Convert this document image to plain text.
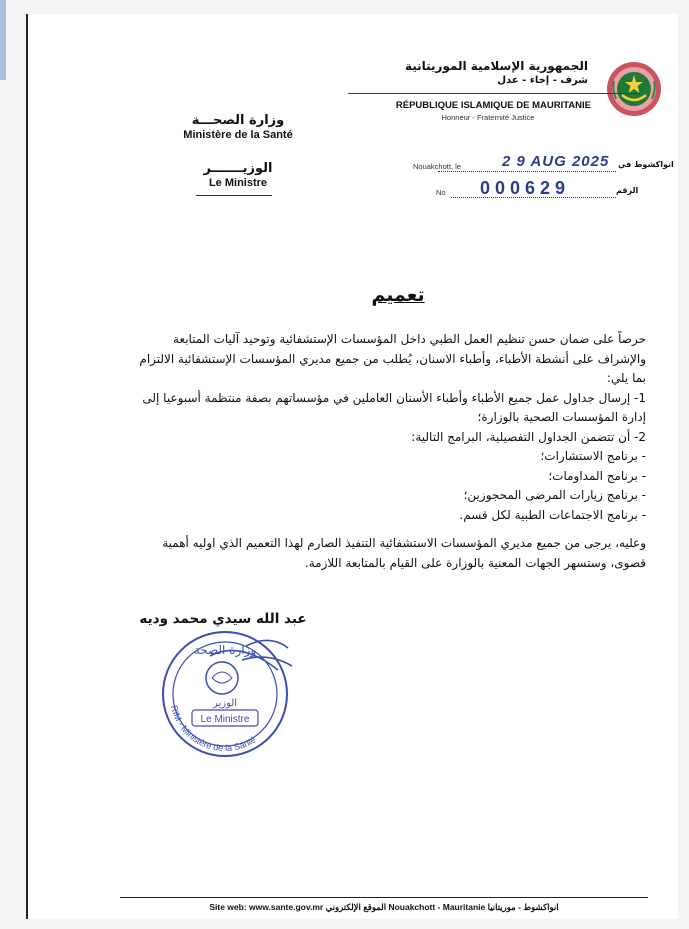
الجمهورية الإسلامية الموريتانية
شرف - إخاء - عدل
RÉPUBLIQUE ISLAMIQUE DE MAURITANIE
Honneur - Fraternité Justice
وزارة الصحـــة
Ministère de la Santé
الوزيـــــــر
Le Ministre
Nouakchott, le	2 9 AUG 2025 انواكشوط في
No 000629	الرقم
تعميم

حرصاً على ضمان حسن تنظيم العمل الطبي داخل المؤسسات الإستشفائية وتوحيد آليات المتابعة والإشراف على أنشطة الأطباء، وأطباء الاسنان، يُطلب من جميع مديري المؤسسات الإستشفائية الالتزام بما يلي:

1- إرسال جداول عمل جميع الأطباء وأطباء الأسنان العاملين في مؤسساتهم بصفة منتظمة أسبوعيا إلى إدارة المؤسسات الصحية بالوزارة؛

2- أن تتضمن الجداول التفصيلية، البرامج التالية:

- برنامج الاستشارات؛

- برنامج المداومات؛

- برنامج زيارات المرضى المحجوزين؛

- برنامج الاجتماعات الطبية لكل قسم.

وعليه، يرجى من جميع مديري المؤسسات الاستشفائية التنفيذ الصارم لهذا التعميم الذي اوليه أهمية قصوى، وستسهر الجهات المعنية بالوزارة على القيام بالمتابعة اللازمة.

عبد الله سيدي محمد وديه
وزارة الصحة
الوزير
Le Ministre
RIM - Ministère de la Santé
Site web: www.sante.gov.mr الموقع الإلكتروني Nouakchott - Mauritanie انواكشوط - موريتانيا
